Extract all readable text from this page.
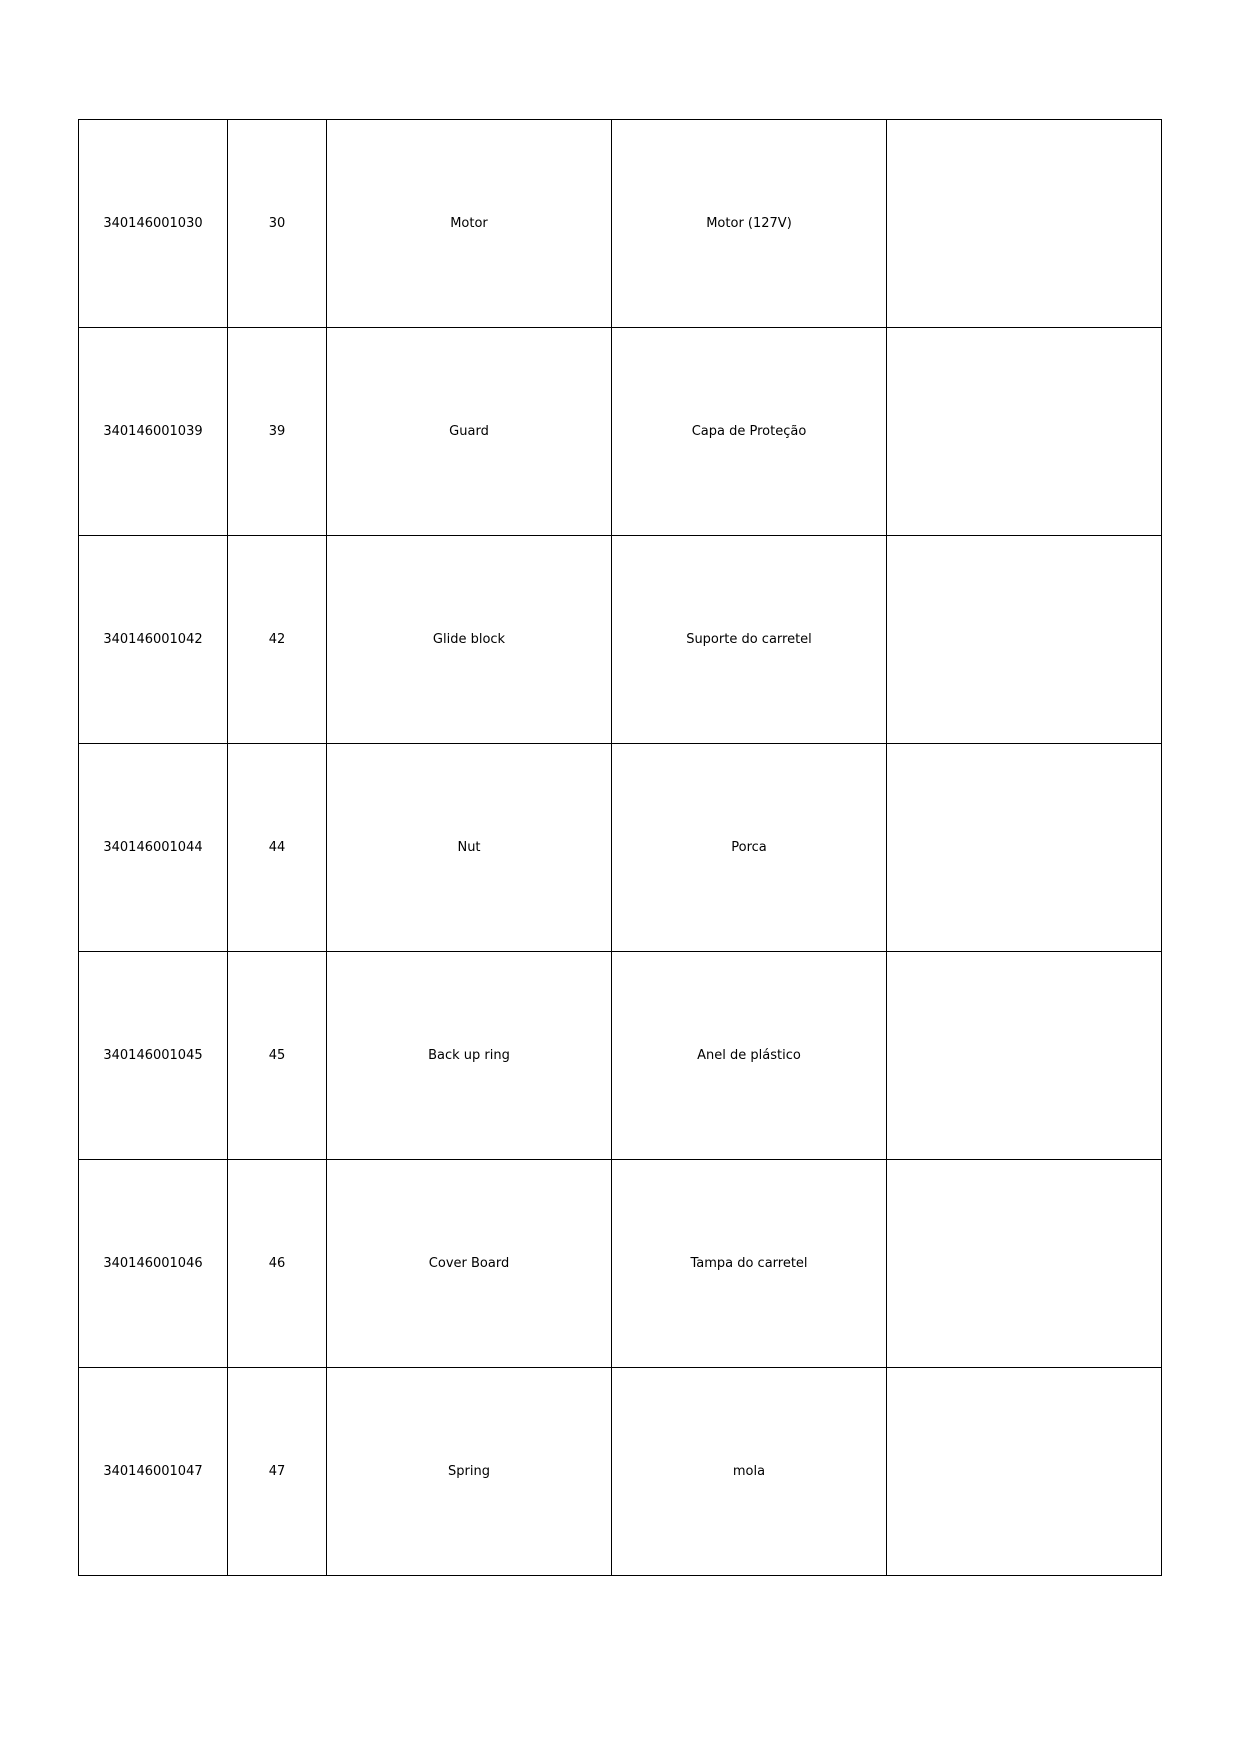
340146001030	30	Motor	Motor (127V)	
340146001039	39	Guard	Capa de Proteção	
340146001042	42	Glide block	Suporte do carretel	
340146001044	44	Nut	Porca	
340146001045	45	Back up ring	Anel de plástico	
340146001046	46	Cover Board	Tampa do carretel	
340146001047	47	Spring	mola	
